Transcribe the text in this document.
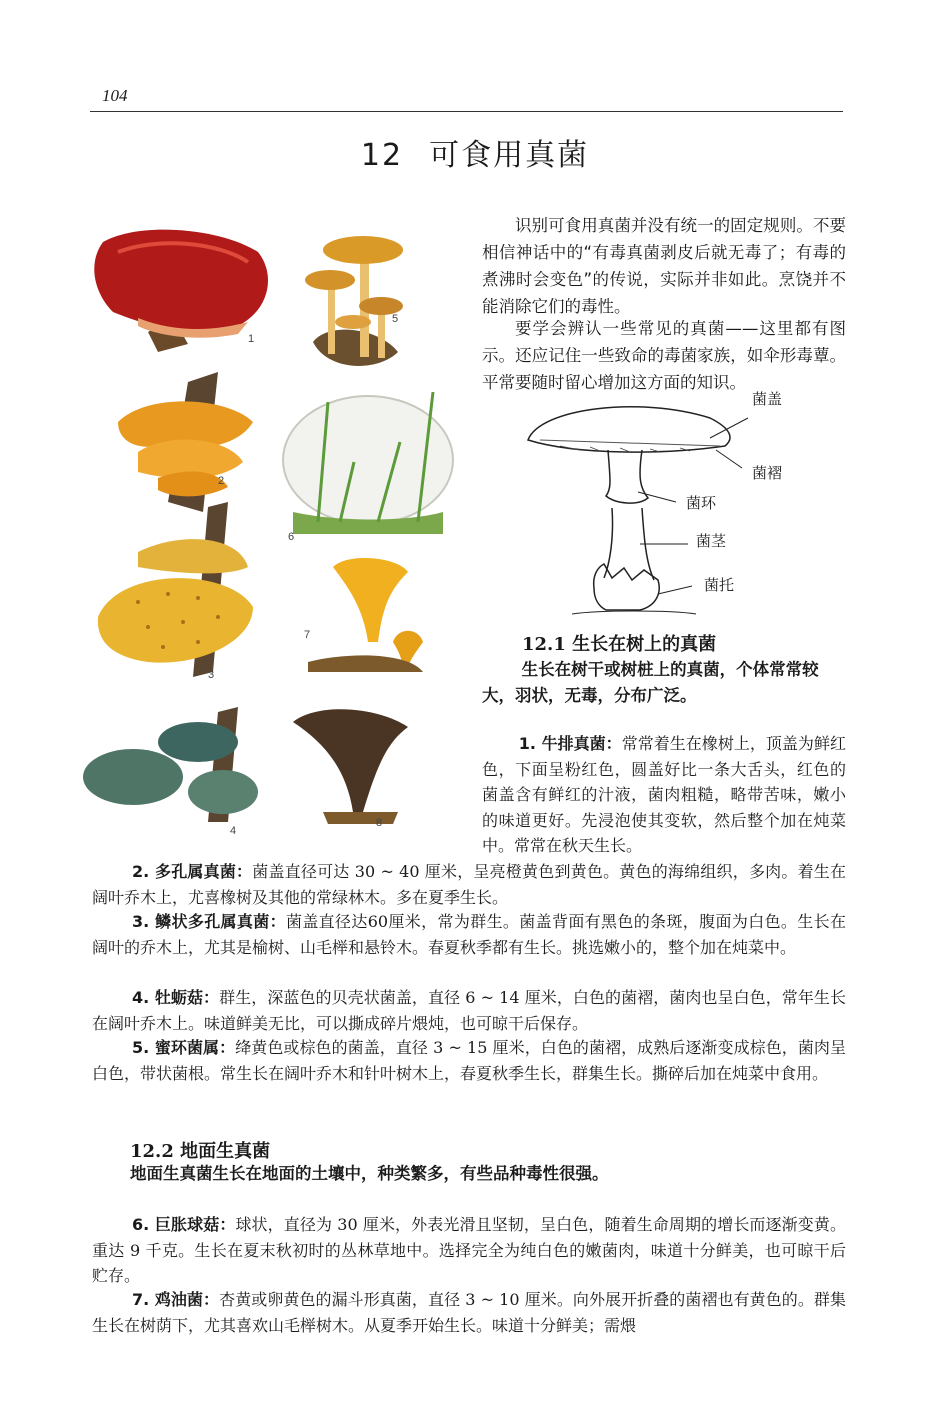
104
12 可食用真菌
1
2
3
4
5
6
7
8

识别可食用真菌并没有统一的固定规则。不要相信神话中的“有毒真菌剥皮后就无毒了；有毒的煮沸时会变色”的传说，实际并非如此。烹饶并不能消除它们的毒性。

要学会辨认一些常见的真菌——这里都有图示。还应记住一些致命的毒菌家族，如伞形毒蕈。平常要随时留心增加这方面的知识。

菌盖
菌褶
菌环
菌茎
菌托
12.1 生长在树上的真菌
生长在树干或树桩上的真菌，个体常常较大，羽状，无毒，分布广泛。

1. 牛排真菌：常常着生在橡树上，顶盖为鲜红色，下面呈粉红色，圆盖好比一条大舌头，红色的菌盖含有鲜红的汁液，菌肉粗糙，略带苦味，嫩小的味道更好。先浸泡使其变软，然后整个加在炖菜中。常常在秋天生长。

2. 多孔属真菌：菌盖直径可达 30 ~ 40 厘米，呈亮橙黄色到黄色。黄色的海绵组织，多肉。着生在阔叶乔木上，尤喜橡树及其他的常绿林木。多在夏季生长。

3. 鳞状多孔属真菌：菌盖直径达60厘米，常为群生。菌盖背面有黑色的条斑，腹面为白色。生长在阔叶的乔木上，尤其是榆树、山毛榉和悬铃木。春夏秋季都有生长。挑选嫩小的，整个加在炖菜中。

4. 牡蛎菇：群生，深蓝色的贝壳状菌盖，直径 6 ~ 14 厘米，白色的菌褶，菌肉也呈白色，常年生长在阔叶乔木上。味道鲜美无比，可以撕成碎片煨炖，也可晾干后保存。

5. 蜜环菌属：绛黄色或棕色的菌盖，直径 3 ~ 15 厘米，白色的菌褶，成熟后逐渐变成棕色，菌肉呈白色，带状菌根。常生长在阔叶乔木和针叶树木上，春夏秋季生长，群集生长。撕碎后加在炖菜中食用。

12.2 地面生真菌
地面生真菌生长在地面的土壤中，种类繁多，有些品种毒性很强。

6. 巨胀球菇：球状，直径为 30 厘米，外表光滑且坚韧，呈白色，随着生命周期的增长而逐渐变黄。重达 9 千克。生长在夏末秋初时的丛林草地中。选择完全为纯白色的嫩菌肉，味道十分鲜美，也可晾干后贮存。

7. 鸡油菌：杏黄或卵黄色的漏斗形真菌，直径 3 ~ 10 厘米。向外展开折叠的菌褶也有黄色的。群集生长在树荫下，尤其喜欢山毛榉树木。从夏季开始生长。味道十分鲜美；需煨
